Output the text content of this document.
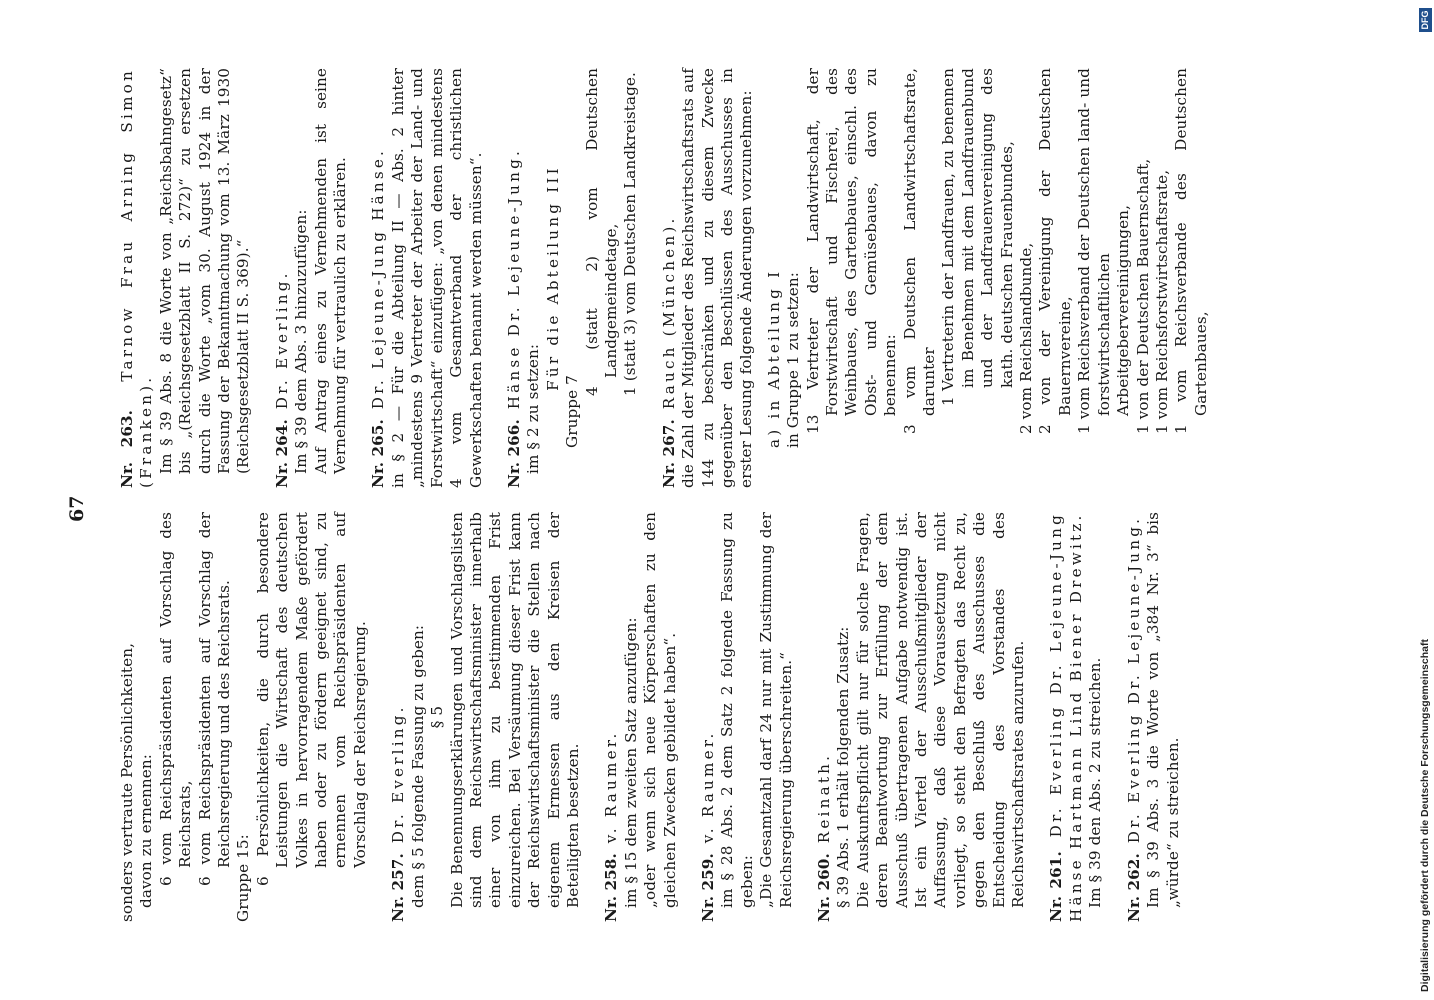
67

sonders vertraute Persönlichkeiten, davon zu ernennen: 6 vom Reichspräsidenten auf Vorschlag des Reichsrats, 6 vom Reichspräsidenten auf Vorschlag der Reichsregierung und des Reichsrats.

Gruppe 15: 6 Persönlichkeiten, die durch besondere Leistungen die Wirtschaft des deutschen Volkes in hervorragendem Maße gefördert haben oder zu fördern geeignet sind, zu ernennen vom Reichspräsidenten auf Vorschlag der Reichsregierung.

Nr. 257.  Dr. Everling. dem § 5 folgende Fassung zu geben: § 5 Die Benennungserklärungen und Vorschlagslisten sind dem Reichswirtschaftsminister innerhalb einer von ihm zu bestimmenden Frist einzureichen. Bei Versäumung dieser Frist kann der Reichswirtschaftsminister die Stellen nach eigenem Ermessen aus den Kreisen der Beteiligten besetzen. Nr. 258.  v. Raumer. im § 15 dem zweiten Satz anzufügen: „oder wenn sich neue Körperschaften zu den gleichen Zwecken gebildet haben“. Nr. 259.  v. Raumer. im § 28 Abs. 2 dem Satz 2 folgende Fassung zu geben: „Die Gesamtzahl darf 24 nur mit Zustimmung der Reichsregierung überschreiten.“ Nr. 260.  Reinath. § 39 Abs. 1 erhält folgenden Zusatz: Die Auskunftspflicht gilt nur für solche Fragen, deren Beantwortung zur Erfüllung der dem Ausschuß übertragenen Aufgabe notwendig ist. Ist ein Viertel der Ausschußmitglieder der Auffassung, daß diese Voraussetzung nicht vorliegt, so steht den Befragten das Recht zu, gegen den Beschluß des Ausschusses die Entscheidung des Vorstandes des Reichswirtschaftsrates anzurufen. Nr. 261.  Dr. Everling Dr. Lejeune-Jung Hänse Hartmann Lind Biener Drewitz. Im § 39 den Abs. 2 zu streichen. Nr. 262.  Dr. Everling Dr. Lejeune-Jung. Im § 39 Abs. 3 die Worte von „384 Nr. 3“ bis „würde“ zu streichen.

Nr. 263.  Tarnow Frau Arning Simon (Franken). Im § 39 Abs. 8 die Worte von „Reichsbahngesetz“ bis „(Reichsgesetzblatt II S. 272)“ zu ersetzen durch die Worte „vom 30. August 1924 in der Fassung der Bekanntmachung vom 13. März 1930 (Reichsgesetzblatt II S. 369).“ Nr. 264.  Dr. Everling. Im § 39 dem Abs. 3 hinzuzufügen: Auf Antrag eines zu Vernehmenden ist seine Vernehmung für vertraulich zu erklären. Nr. 265.  Dr. Lejeune-Jung Hänse. in § 2 — Für die Abteilung II — Abs. 2 hinter „mindestens 9 Vertreter der Arbeiter der Land- und Forstwirtschaft“ einzufügen: „von denen mindestens 4 vom Gesamtverband der christlichen Gewerkschaften benannt werden müssen“. Nr. 266.  Hänse Dr. Lejeune-Jung. im § 2 zu setzen:

Für die Abteilung III

Gruppe 7

4 (statt 2) vom Deutschen Landgemeindetage, 1 (statt 3) vom Deutschen Landkreistage.

Nr. 267.  Rauch (München). die Zahl der Mitglieder des Reichswirtschaftsrats auf 144 zu beschränken und zu diesem Zwecke gegenüber den Beschlüssen des Ausschusses in erster Lesung folgende Änderungen vorzunehmen: a) in Abteilung I in Gruppe 1 zu setzen: 13 Vertreter der Landwirtschaft, der Forstwirtschaft und Fischerei, des Weinbaues, des Gartenbaues, einschl. des Obst- und Gemüsebaues, davon zu benennen: 3 vom Deutschen Landwirtschaftsrate, darunter 1 Vertreterin der Landfrauen, zu benennen im Benehmen mit dem Landfrauenbund und der Landfrauenvereinigung des kath. deutschen Frauenbundes, 2 vom Reichslandbunde, 2 von der Vereinigung der Deutschen Bauernvereine, 1 vom Reichsverband der Deutschen land- und forstwirtschaftlichen Arbeitgebervereinigungen, 1 von der Deutschen Bauernschaft, 1 vom Reichsforstwirtschaftsrate, 1 vom Reichsverbande des Deutschen Gartenbaues,

DFG
Digitalisierung gefördert durch die Deutsche Forschungsgemeinschaft
